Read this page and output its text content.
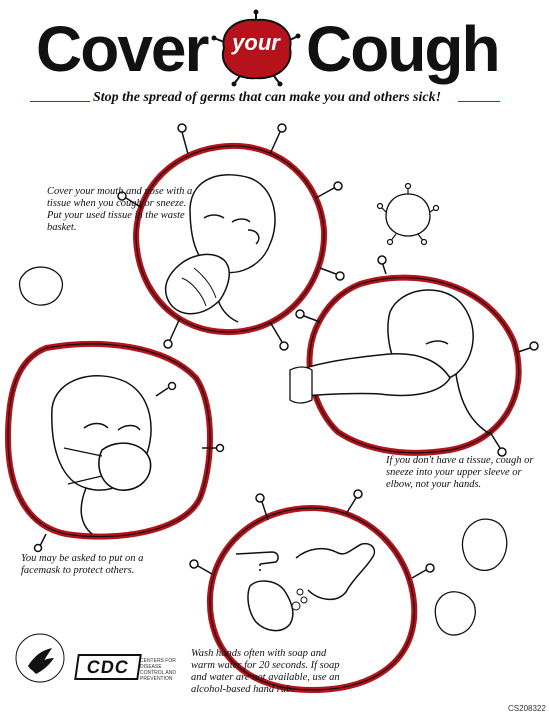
Cover	your Cough
Stop the spread of germs that can make you and others sick!
Cover your mouth and nose with a tissue when you cough or sneeze. Put your used tissue in the waste basket.
If you don't have a tissue, cough or sneeze into your upper sleeve or elbow, not your hands.
You may be asked to put on a facemask to protect others.
Wash hands often with soap and warm water for 20 seconds. If soap and water are not available, use an alcohol-based hand rub.
CDC	CENTERS FOR DISEASE CONTROL AND PREVENTION
CS208322
